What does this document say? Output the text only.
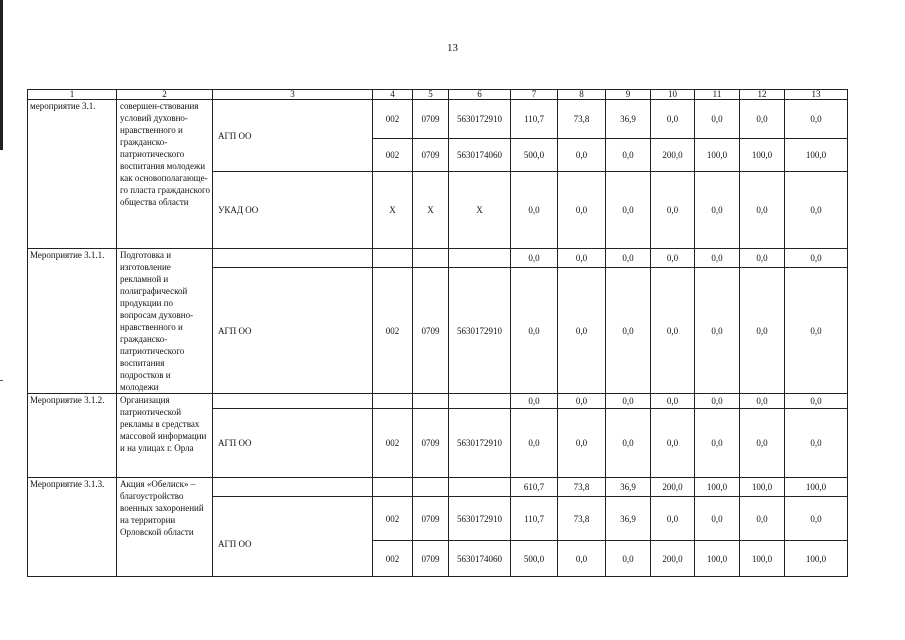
13
1	2	3	4	5	6	7	8	9	10	11	12	13
мероприятие 3.1.	совершен-ствования условий духовно-нравственного и гражданско-патриотического воспитания молодежи как основополагающе-го пласта гражданского общества области	АГП ОО	002	0709	5630172910	110,7	73,8	36,9	0,0	0,0	0,0	0,0
			002	0709	5630174060	500,0	0,0	0,0	200,0	100,0	100,0	100,0
		УКАД ОО	Х	Х	Х	0,0	0,0	0,0	0,0	0,0	0,0	0,0
Мероприятие 3.1.1.	Подготовка и изготовление рекламной и полиграфической продукции по вопросам духовно-нравственного и гражданско-патриотического воспитания подростков и молодежи					0,0	0,0	0,0	0,0	0,0	0,0	0,0
		АГП ОО	002	0709	5630172910	0,0	0,0	0,0	0,0	0,0	0,0	0,0
Мероприятие 3.1.2.	Организация патриотической рекламы в средствах массовой информации и на улицах г. Орла					0,0	0,0	0,0	0,0	0,0	0,0	0,0
		АГП ОО	002	0709	5630172910	0,0	0,0	0,0	0,0	0,0	0,0	0,0
Мероприятие 3.1.3.	Акция «Обелиск» – благоустройство военных захоронений на территории Орловской области					610,7	73,8	36,9	200,0	100,0	100,0	100,0
		АГП ОО	002	0709	5630172910	110,7	73,8	36,9	0,0	0,0	0,0	0,0
			002	0709	5630174060	500,0	0,0	0,0	200,0	100,0	100,0	100,0
